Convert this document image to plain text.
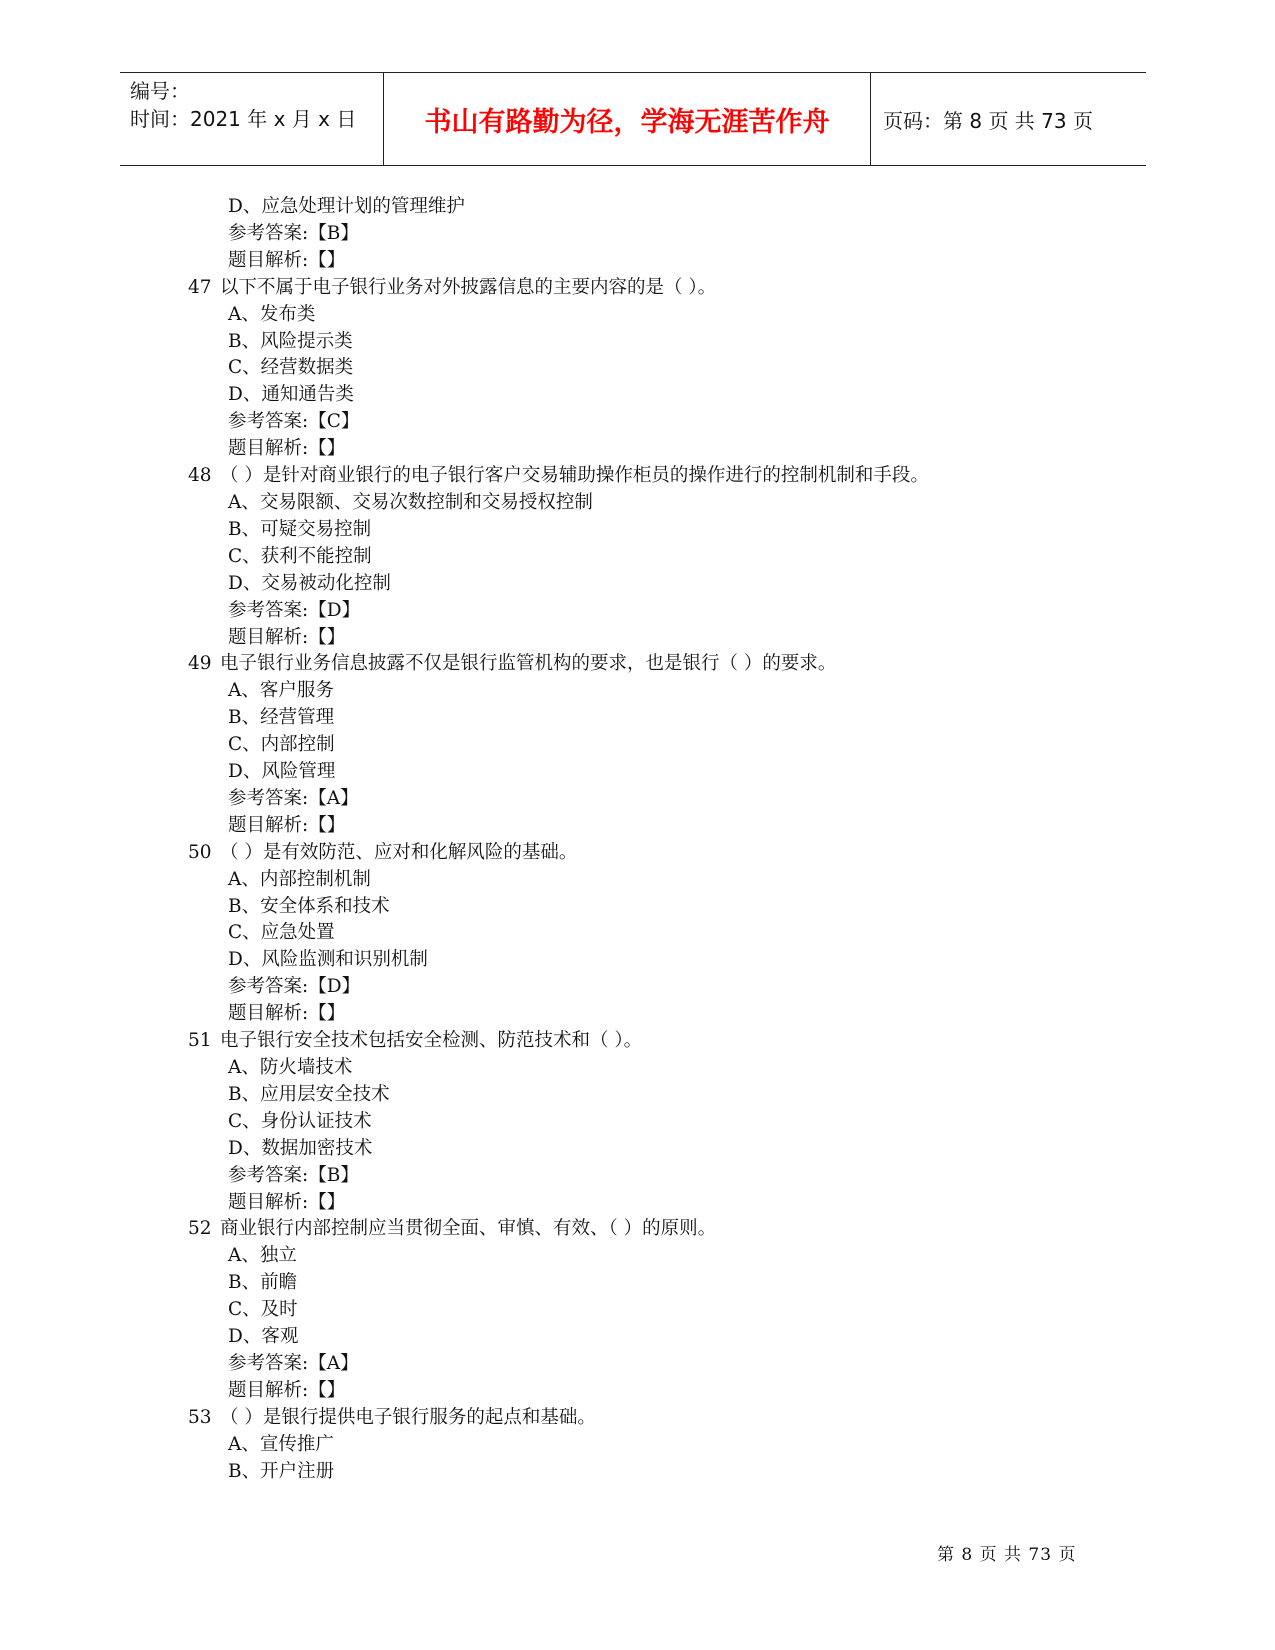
编号：
时间：2021 年 x 月 x 日	书山有路勤为径，学海无涯苦作舟	页码：第 8 页 共 73 页
D、应急处理计划的管理维护
参考答案:【B】
题目解析:【】
47 以下不属于电子银行业务对外披露信息的主要内容的是（ ）。
A、发布类
B、风险提示类
C、经营数据类
D、通知通告类
参考答案:【C】
题目解析:【】
48 （ ）是针对商业银行的电子银行客户交易辅助操作柜员的操作进行的控制机制和手段。
A、交易限额、交易次数控制和交易授权控制
B、可疑交易控制
C、获利不能控制
D、交易被动化控制
参考答案:【D】
题目解析:【】
49 电子银行业务信息披露不仅是银行监管机构的要求，也是银行（ ）的要求。
A、客户服务
B、经营管理
C、内部控制
D、风险管理
参考答案:【A】
题目解析:【】
50 （ ）是有效防范、应对和化解风险的基础。
A、内部控制机制
B、安全体系和技术
C、应急处置
D、风险监测和识别机制
参考答案:【D】
题目解析:【】
51 电子银行安全技术包括安全检测、防范技术和（ ）。
A、防火墙技术
B、应用层安全技术
C、身份认证技术
D、数据加密技术
参考答案:【B】
题目解析:【】
52 商业银行内部控制应当贯彻全面、审慎、有效、（ ）的原则。
A、独立
B、前瞻
C、及时
D、客观
参考答案:【A】
题目解析:【】
53 （ ）是银行提供电子银行服务的起点和基础。
A、宣传推广
B、开户注册
第 8 页 共 73 页
